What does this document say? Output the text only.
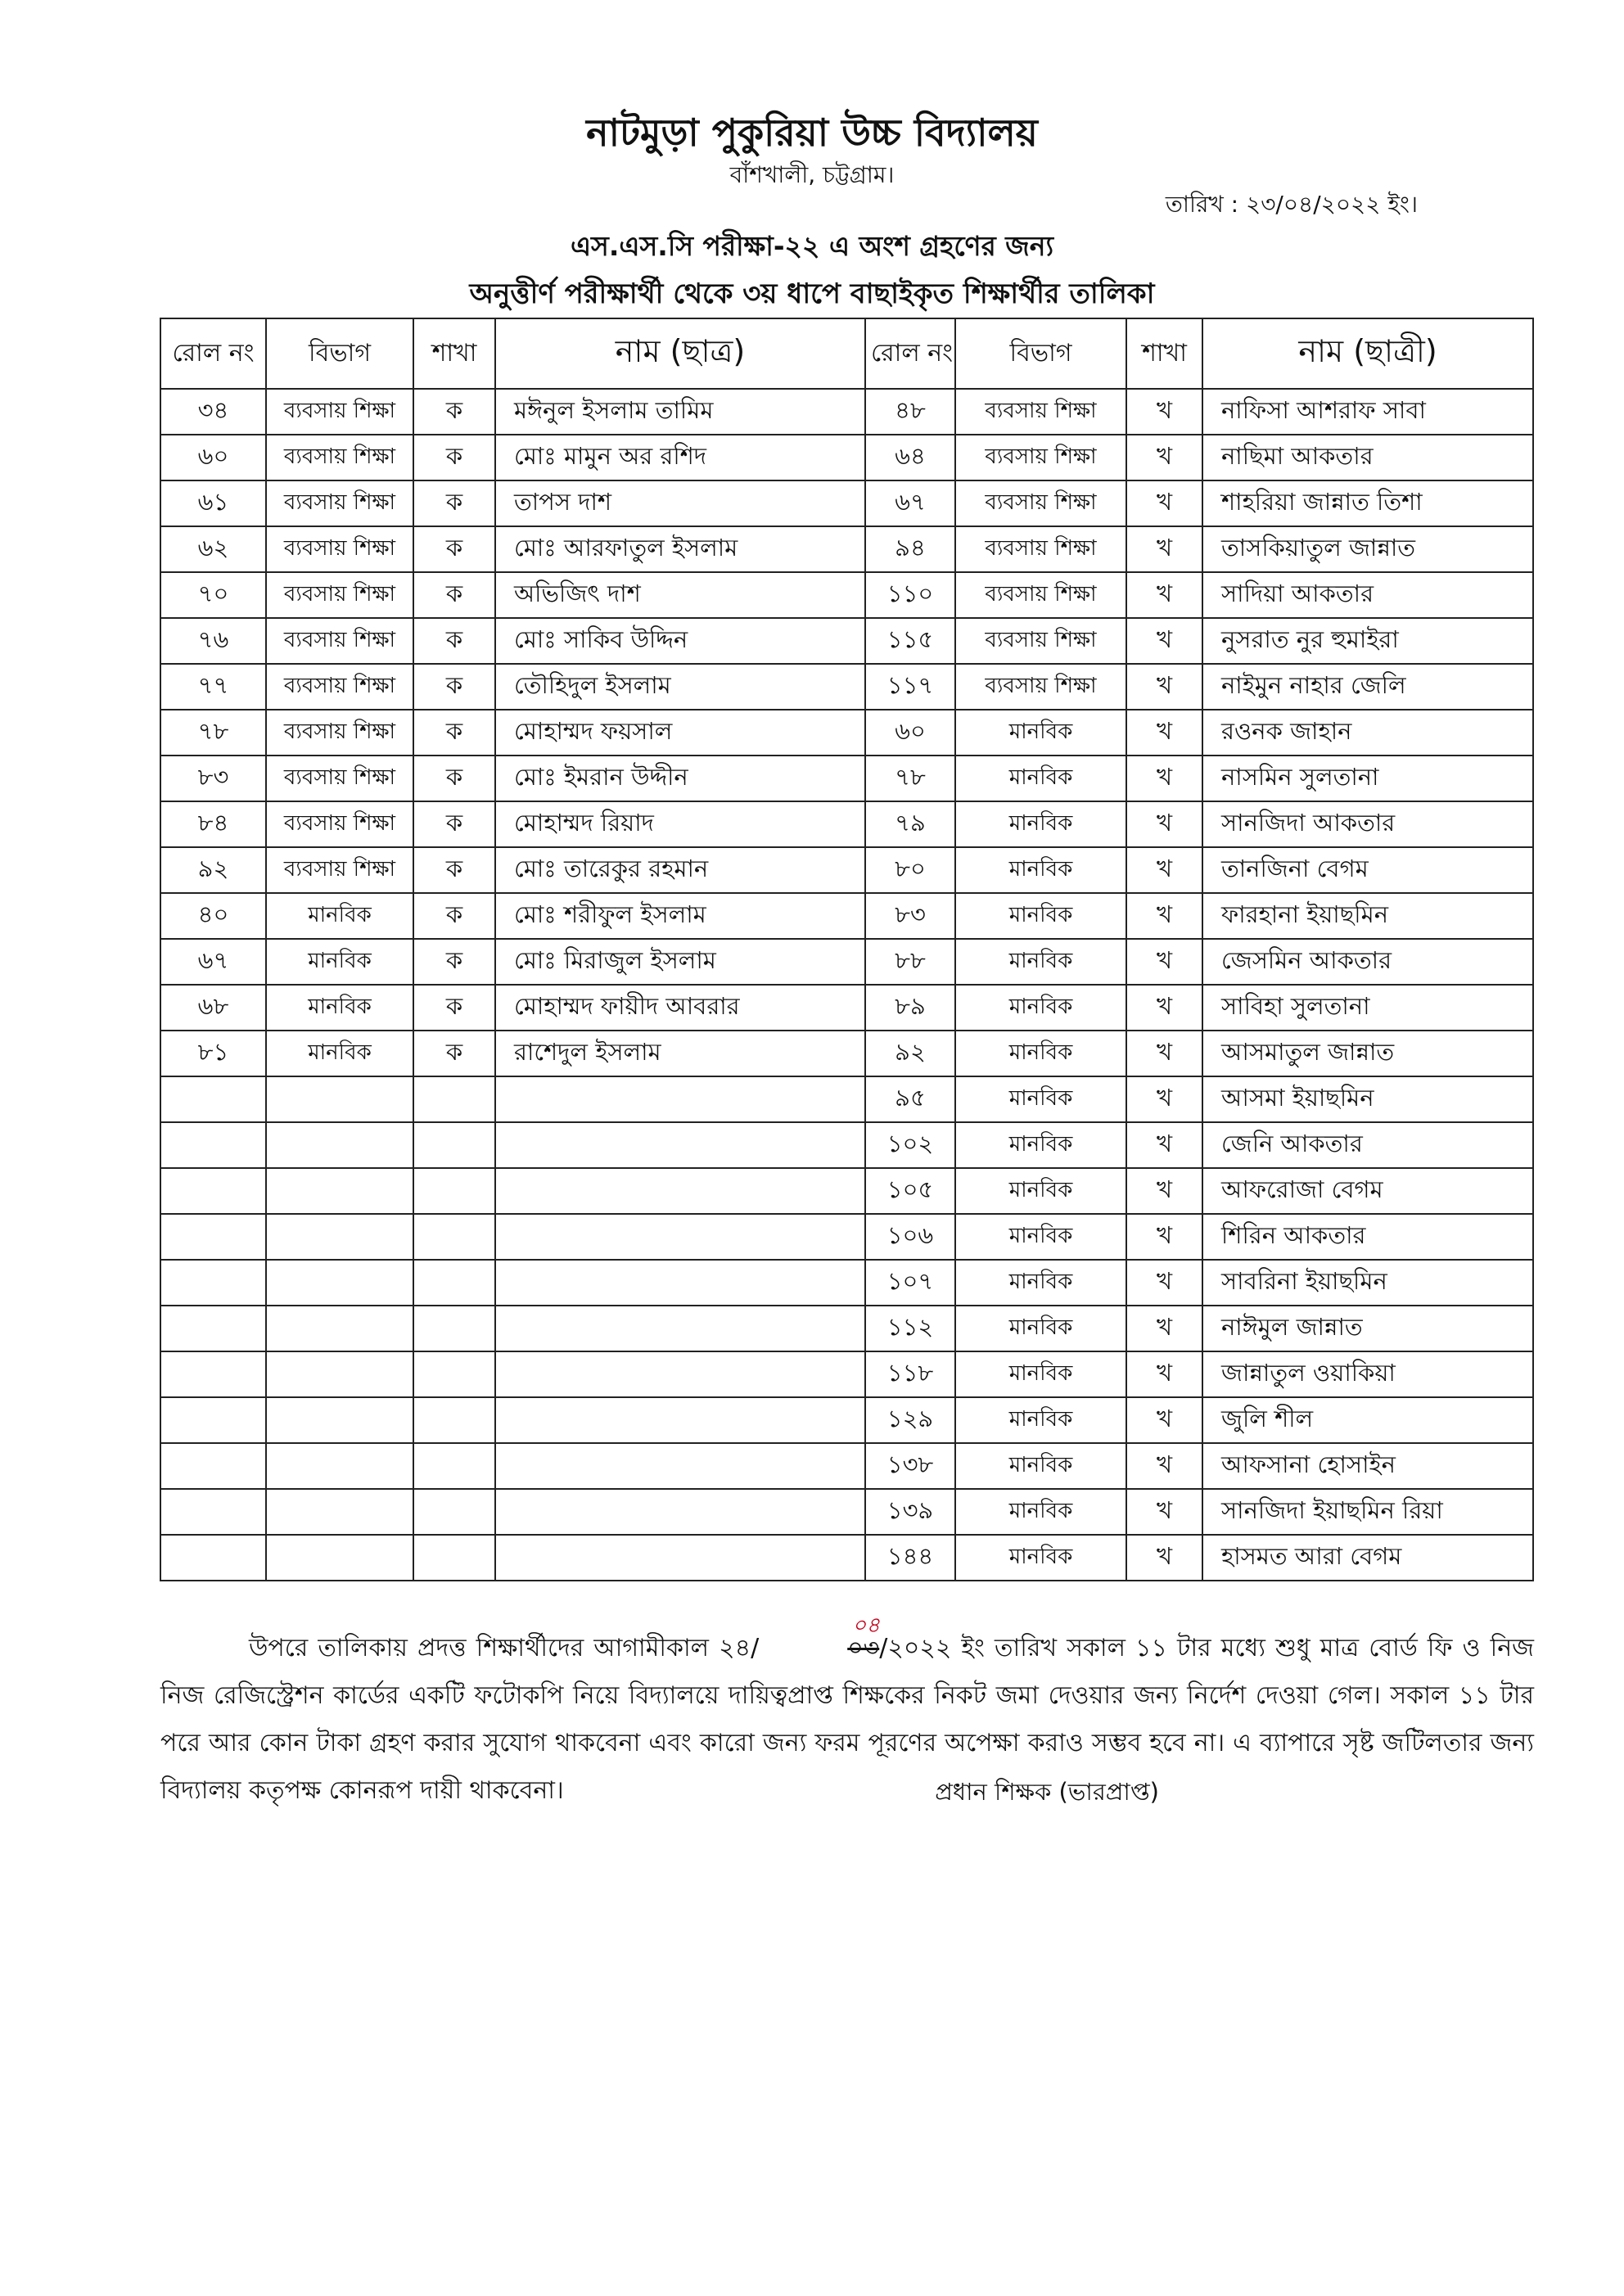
নাটমুড়া পুকুরিয়া উচ্চ বিদ্যালয়
বাঁশখালী, চট্টগ্রাম।
তারিখ : ২৩/০৪/২০২২ ইং।
এস.এস.সি পরীক্ষা-২২ এ অংশ গ্রহণের জন্য
অনুত্তীর্ণ পরীক্ষার্থী থেকে ৩য় ধাপে বাছাইকৃত শিক্ষার্থীর তালিকা
রোল নং	বিভাগ	শাখা	নাম (ছাত্র)	রোল নং	বিভাগ	শাখা	নাম (ছাত্রী)
৩৪	ব্যবসায় শিক্ষা	ক	মঈনুল ইসলাম তামিম	৪৮	ব্যবসায় শিক্ষা	খ	নাফিসা আশরাফ সাবা
৬০	ব্যবসায় শিক্ষা	ক	মোঃ মামুন অর রশিদ	৬৪	ব্যবসায় শিক্ষা	খ	নাছিমা আকতার
৬১	ব্যবসায় শিক্ষা	ক	তাপস দাশ	৬৭	ব্যবসায় শিক্ষা	খ	শাহরিয়া জান্নাত তিশা
৬২	ব্যবসায় শিক্ষা	ক	মোঃ আরফাতুল ইসলাম	৯৪	ব্যবসায় শিক্ষা	খ	তাসকিয়াতুল জান্নাত
৭০	ব্যবসায় শিক্ষা	ক	অভিজিৎ দাশ	১১০	ব্যবসায় শিক্ষা	খ	সাদিয়া আকতার
৭৬	ব্যবসায় শিক্ষা	ক	মোঃ সাকিব উদ্দিন	১১৫	ব্যবসায় শিক্ষা	খ	নুসরাত নুর হুমাইরা
৭৭	ব্যবসায় শিক্ষা	ক	তৌহিদুল ইসলাম	১১৭	ব্যবসায় শিক্ষা	খ	নাইমুন নাহার জেলি
৭৮	ব্যবসায় শিক্ষা	ক	মোহাম্মদ ফয়সাল	৬০	মানবিক	খ	রওনক জাহান
৮৩	ব্যবসায় শিক্ষা	ক	মোঃ ইমরান উদ্দীন	৭৮	মানবিক	খ	নাসমিন সুলতানা
৮৪	ব্যবসায় শিক্ষা	ক	মোহাম্মদ রিয়াদ	৭৯	মানবিক	খ	সানজিদা আকতার
৯২	ব্যবসায় শিক্ষা	ক	মোঃ তারেকুর রহমান	৮০	মানবিক	খ	তানজিনা বেগম
৪০	মানবিক	ক	মোঃ শরীফুল ইসলাম	৮৩	মানবিক	খ	ফারহানা ইয়াছমিন
৬৭	মানবিক	ক	মোঃ মিরাজুল ইসলাম	৮৮	মানবিক	খ	জেসমিন আকতার
৬৮	মানবিক	ক	মোহাম্মদ ফায়ীদ আবরার	৮৯	মানবিক	খ	সাবিহা সুলতানা
৮১	মানবিক	ক	রাশেদুল ইসলাম	৯২	মানবিক	খ	আসমাতুল জান্নাত
				৯৫	মানবিক	খ	আসমা ইয়াছমিন
				১০২	মানবিক	খ	জেনি আকতার
				১০৫	মানবিক	খ	আফরোজা বেগম
				১০৬	মানবিক	খ	শিরিন আকতার
				১০৭	মানবিক	খ	সাবরিনা ইয়াছমিন
				১১২	মানবিক	খ	নাঈমুল জান্নাত
				১১৮	মানবিক	খ	জান্নাতুল ওয়াকিয়া
				১২৯	মানবিক	খ	জুলি শীল
				১৩৮	মানবিক	খ	আফসানা হোসাইন
				১৩৯	মানবিক	খ	সানজিদা ইয়াছমিন রিয়া
				১৪৪	মানবিক	খ	হাসমত আরা বেগম

উপরে তালিকায় প্রদত্ত শিক্ষার্থীদের আগামীকাল ২৪/	০৩
০৪
/২০২২ ইং তারিখ সকাল ১১ টার মধ্যে শুধু মাত্র বোর্ড ফি ও নিজ নিজ রেজিস্ট্রেশন কার্ডের একটি ফটোকপি নিয়ে বিদ্যালয়ে দায়িত্বপ্রাপ্ত শিক্ষকের নিকট জমা দেওয়ার জন্য নির্দেশ দেওয়া গেল। সকাল ১১ টার পরে আর কোন টাকা গ্রহণ করার সুযোগ থাকবেনা এবং কারো জন্য ফরম পূরণের অপেক্ষা করাও সম্ভব হবে না। এ ব্যাপারে সৃষ্ট জটিলতার জন্য বিদ্যালয় কতৃপক্ষ কোনরূপ দায়ী থাকবেনা।	প্রধান শিক্ষক (ভারপ্রাপ্ত)
